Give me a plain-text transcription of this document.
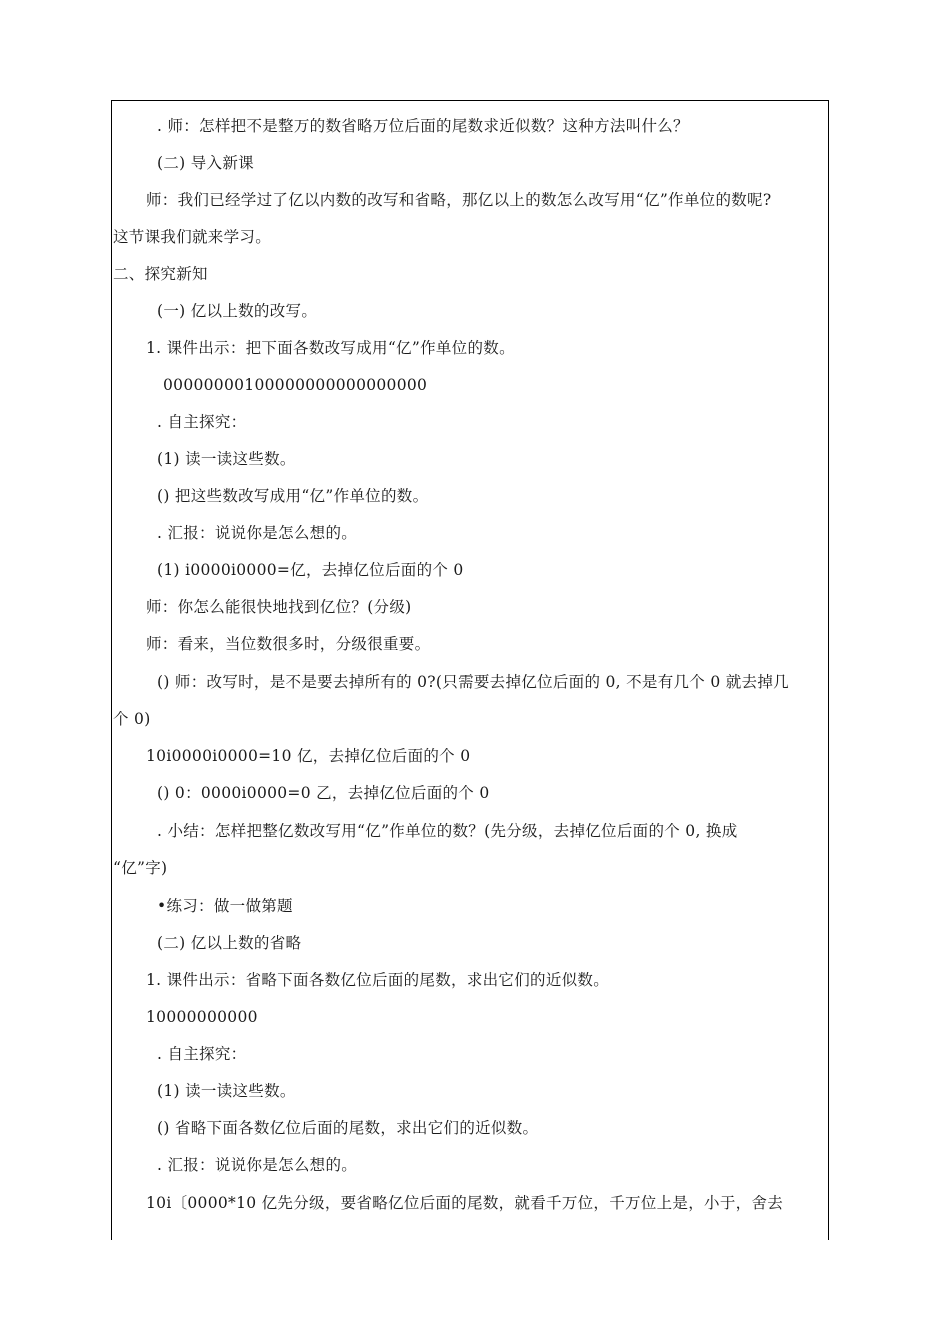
. 师：怎样把不是整万的数省略万位后面的尾数求近似数？这种方法叫什么？
(二) 导入新课
师：我们已经学过了亿以内数的改写和省略，那亿以上的数怎么改写用“亿”作单位的数呢?
这节课我们就来学习。
二、探究新知
(一) 亿以上数的改写。
1. 课件出示：把下面各数改写成用“亿”作单位的数。
00000000100000000000000000
. 自主探究：
(1) 读一读这些数。
() 把这些数改写成用“亿”作单位的数。
. 汇报：说说你是怎么想的。
(1) i0000i0000=亿，去掉亿位后面的个 0
师：你怎么能很快地找到亿位？(分级)
师：看来，当位数很多时，分级很重要。
() 师：改写时，是不是要去掉所有的 0?(只需要去掉亿位后面的 0, 不是有几个 0 就去掉几
个 0)
10i0000i0000=10 亿，去掉亿位后面的个 0
() 0：0000i0000=0 乙，去掉亿位后面的个 0
. 小结：怎样把整亿数改写用“亿”作单位的数？(先分级，去掉亿位后面的个 0, 换成
“亿”字)
•练习：做一做第题
(二) 亿以上数的省略
1. 课件出示：省略下面各数亿位后面的尾数，求出它们的近似数。
10000000000
. 自主探究：
(1) 读一读这些数。
() 省略下面各数亿位后面的尾数，求出它们的近似数。
. 汇报：说说你是怎么想的。
10i〔0000*10 亿先分级，要省略亿位后面的尾数，就看千万位，千万位上是，小于，舍去
